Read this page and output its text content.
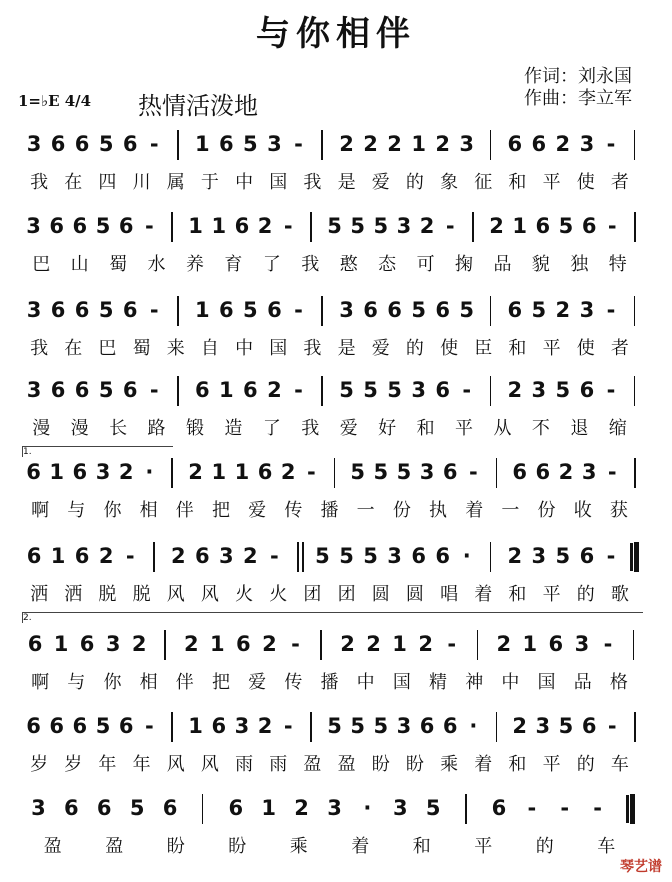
与你相伴
作词：刘永国
作曲：李立军
1=♭E 4/4 热情活泼地
1.
2.
3 6 6 5 6 - 1 6 5 3 - 2 2 2 1 2 3 6 6 2 3 -
我 在 四 川 属 于 中 国 我 是 爱 的 象 征 和 平 使 者
3 6 6 5 6 - 1 1 6 2 - 5 5 5 3 2 - 2 1 6 5 6 -
巴 山 蜀 水 养 育 了 我 憨 态 可 掬 品 貌 独 特
3 6 6 5 6 - 1 6 5 6 - 3 6 6 5 6 5 6 5 2 3 -
我 在 巴 蜀 来 自 中 国 我 是 爱 的 使 臣 和 平 使 者
3 6 6 5 6 - 6 1 6 2 - 5 5 5 3 6 - 2 3 5 6 -
漫 漫 长 路 锻 造 了 我 爱 好 和 平 从 不 退 缩
6 1 6 3 2 · 2 1 1 6 2 - 5 5 5 3 6 - 6 6 2 3 -
啊 与 你 相 伴 把 爱 传 播 一 份 执 着 一 份 收 获
6 1 6 2 - 2 6 3 2 - 5 5 5 3 6 6 · 2 3 5 6 -
洒 洒 脱 脱 风 风 火 火 团 团 圆 圆 唱 着 和 平 的 歌
6 1 6 3 2 2 1 6 2 - 2 2 1 2 - 2 1 6 3 -
啊 与 你 相 伴 把 爱 传 播 中 国 精 神 中 国 品 格
6 6 6 5 6 - 1 6 3 2 - 5 5 5 3 6 6 · 2 3 5 6 -
岁 岁 年 年 风 风 雨 雨 盈 盈 盼 盼 乘 着 和 平 的 车
3 6 6 5 6 6 1 2 3 · 3 5 6 - - -
盈 盈 盼 盼 乘 着 和 平 的 车
琴艺谱
